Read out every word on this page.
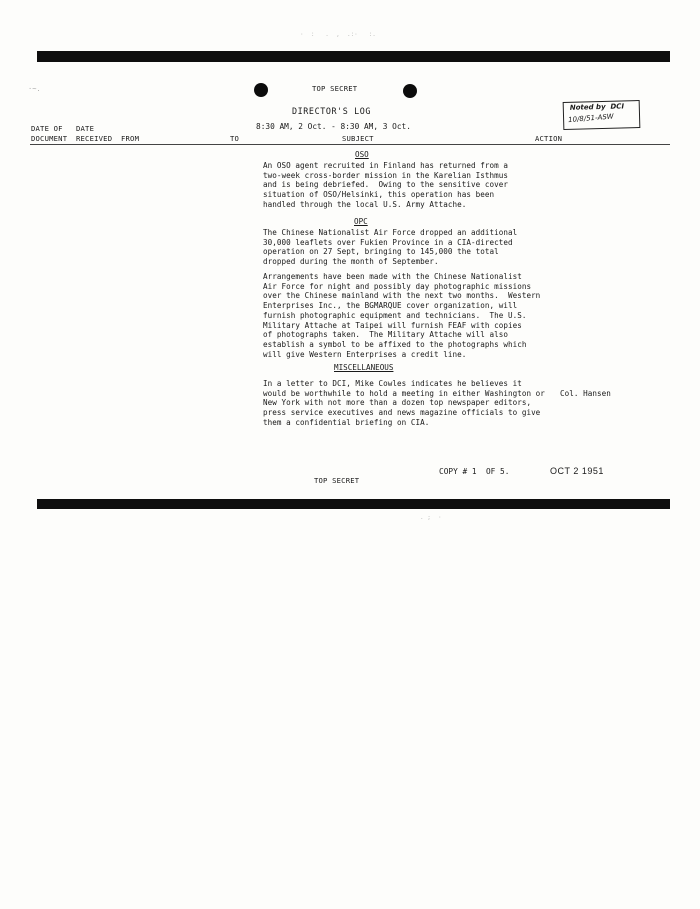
·  :   .  ,  .:·   :.
TOP SECRET
DIRECTOR'S LOG
8:30 AM, 2 Oct. - 8:30 AM, 3 Oct.
Noted by  DCI
10/8/51-ASW
DATE OF
DOCUMENT
DATE
RECEIVED FROM	TO	SUBJECT	ACTION
OSO
An OSO agent recruited in Finland has returned from a
two-week cross-border mission in the Karelian Isthmus
and is being debriefed.  Owing to the sensitive cover
situation of OSO/Helsinki, this operation has been
handled through the local U.S. Army Attache.
OPC
The Chinese Nationalist Air Force dropped an additional
30,000 leaflets over Fukien Province in a CIA-directed
operation on 27 Sept, bringing to 145,000 the total
dropped during the month of September.
Arrangements have been made with the Chinese Nationalist
Air Force for night and possibly day photographic missions
over the Chinese mainland with the next two months.  Western
Enterprises Inc., the BGMARQUE cover organization, will
furnish photographic equipment and technicians.  The U.S.
Military Attache at Taipei will furnish FEAF with copies
of photographs taken.  The Military Attache will also
establish a symbol to be affixed to the photographs which
will give Western Enterprises a credit line.
MISCELLANEOUS
In a letter to DCI, Mike Cowles indicates he believes it
would be worthwhile to hold a meeting in either Washington or
New York with not more than a dozen top newspaper editors,
press service executives and news magazine officials to give
them a confidential briefing on CIA.
Col. Hansen
COPY # 1  OF 5.	OCT 2 1951
TOP SECRET
. ;  ·
·~.
